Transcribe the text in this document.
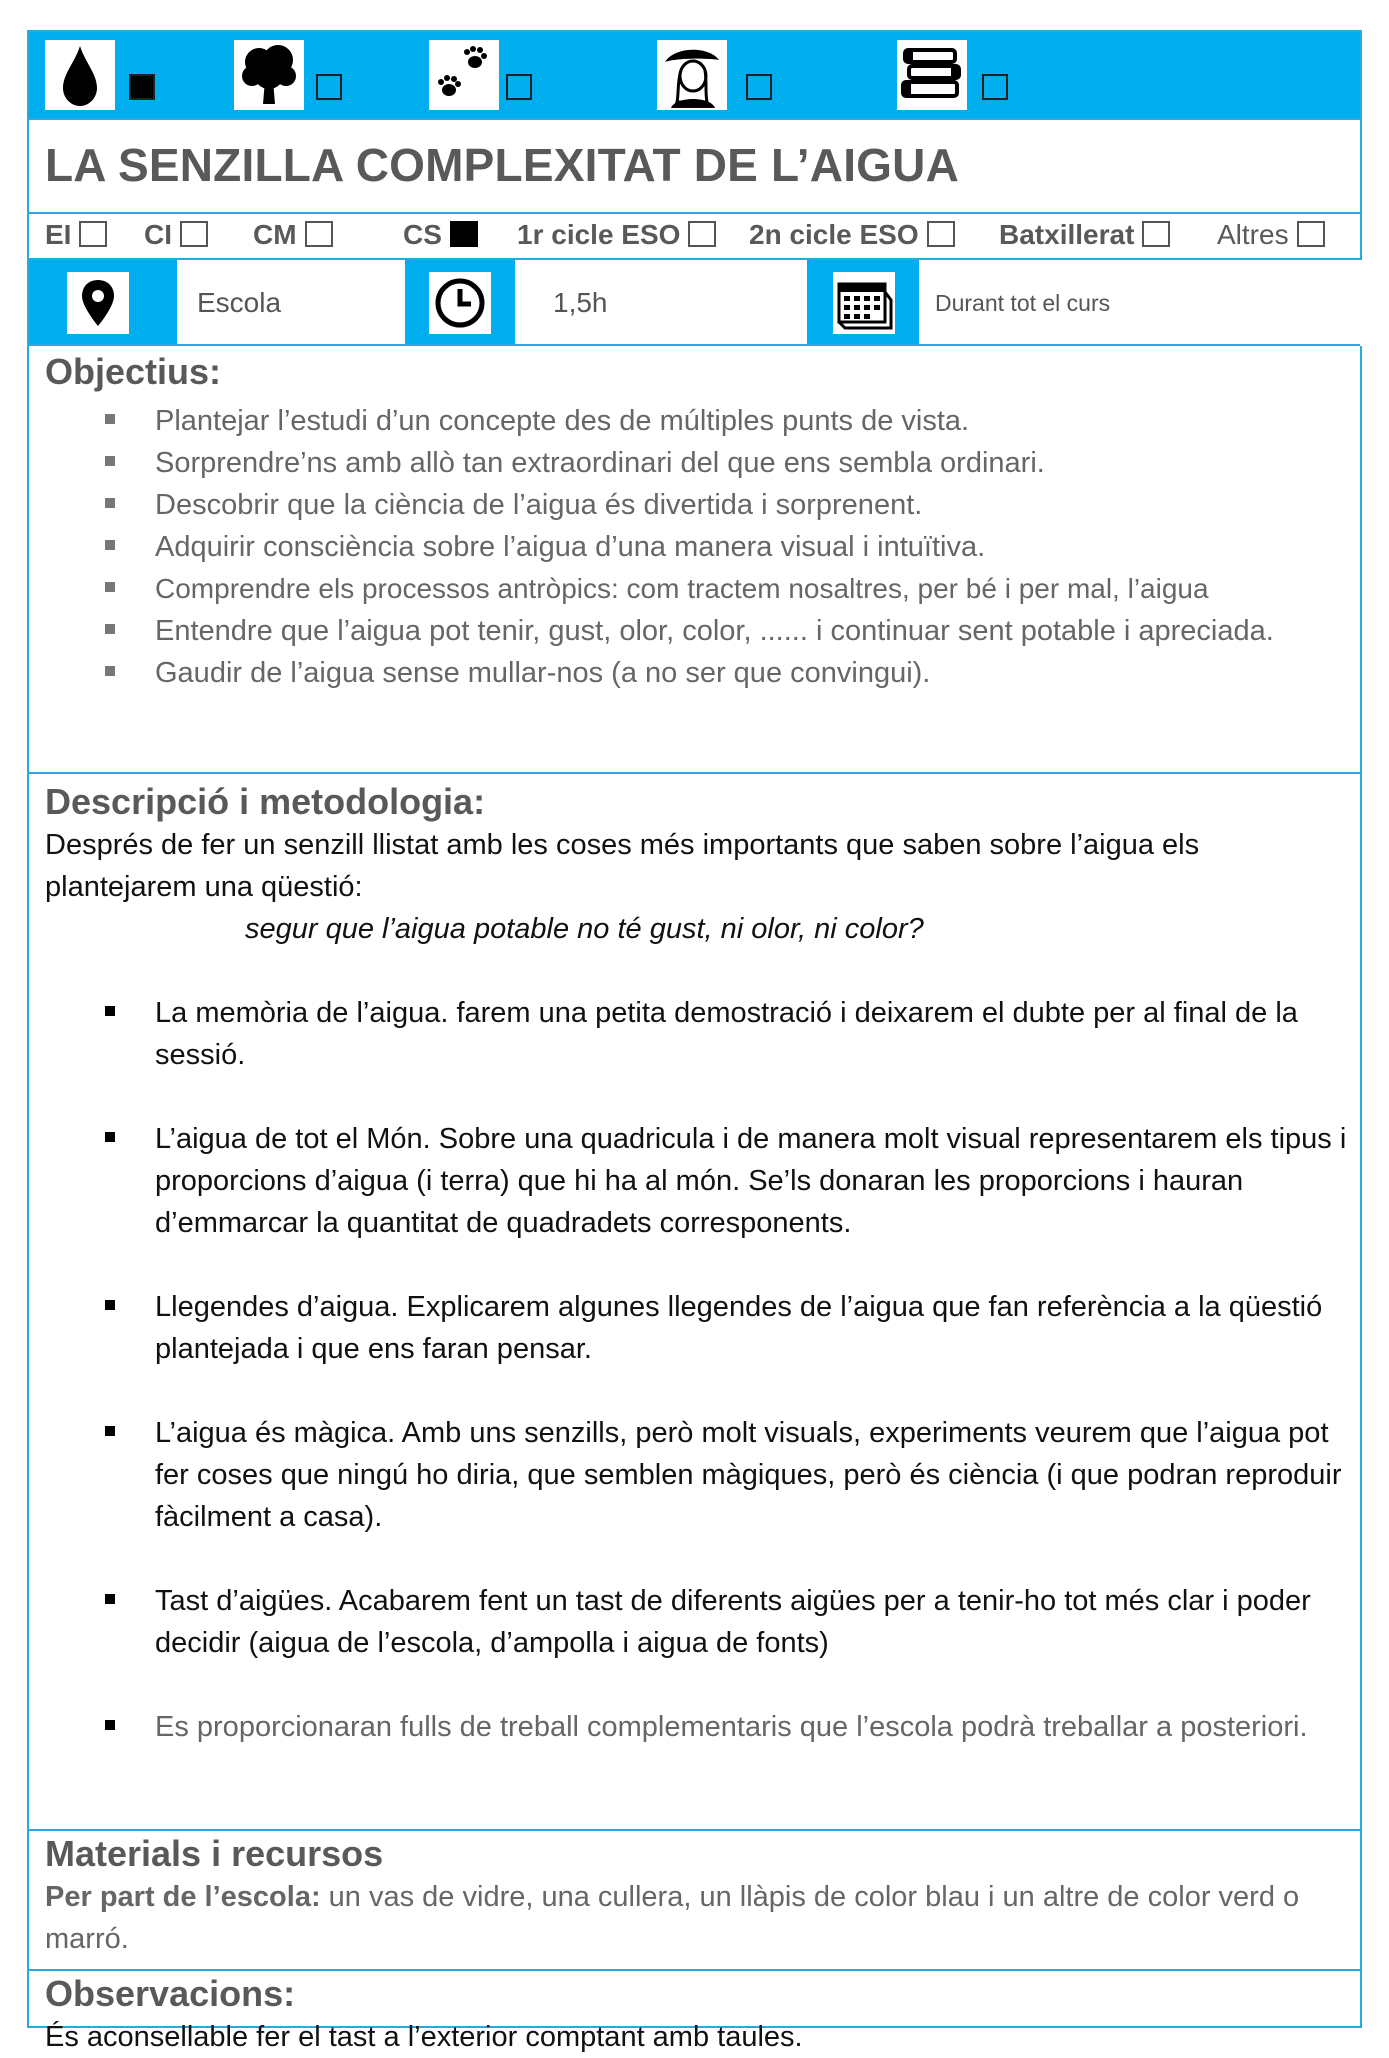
LA SENZILLA COMPLEXITAT DE L’AIGUA
EI	CI	CM	CS	1r cicle ESO	2n cicle ESO	Batxillerat	Altres
Escola	1,5h	Durant tot el curs
Objectius:
Plantejar l’estudi d’un concepte des de múltiples punts de vista.
Sorprendre’ns amb allò tan extraordinari del que ens sembla ordinari.
Descobrir que la ciència de l’aigua és divertida i sorprenent.
Adquirir consciència sobre l’aigua d’una manera visual i intuïtiva.
Comprendre els processos antròpics: com tractem nosaltres, per bé i per mal, l’aigua
Entendre que l’aigua pot tenir, gust, olor, color, ...... i continuar sent potable i apreciada.
Gaudir de l’aigua sense mullar-nos (a no ser que convingui).
Descripció i metodologia:
Després de fer un senzill llistat amb les coses més importants que saben sobre l’aigua els plantejarem una qüestió:
segur que l’aigua potable no té gust, ni olor, ni color?
La memòria de l’aigua. farem una petita demostració i deixarem el dubte per al final de la sessió.
L’aigua de tot el Món. Sobre una quadricula i de manera molt visual representarem els tipus i proporcions d’aigua (i terra) que hi ha al món. Se’ls donaran les proporcions i hauran d’emmarcar la quantitat de quadradets corresponents.
Llegendes d’aigua. Explicarem algunes llegendes de l’aigua que fan referència a la qüestió plantejada i que ens faran pensar.
L’aigua és màgica. Amb uns senzills, però molt visuals, experiments veurem que l’aigua pot fer coses que ningú ho diria, que semblen màgiques, però és ciència (i que podran reproduir fàcilment a casa).
Tast d’aigües. Acabarem fent un tast de diferents aigües per a tenir-ho tot més clar i poder decidir (aigua de l’escola, d’ampolla i aigua de fonts)
Es proporcionaran fulls de treball complementaris que l’escola podrà treballar a posteriori.
Materials i recursos
Per part de l’escola: un vas de vidre, una cullera, un llàpis de color blau i un altre de color verd o marró.
Observacions:
És aconsellable fer el tast a l’exterior comptant amb taules.
